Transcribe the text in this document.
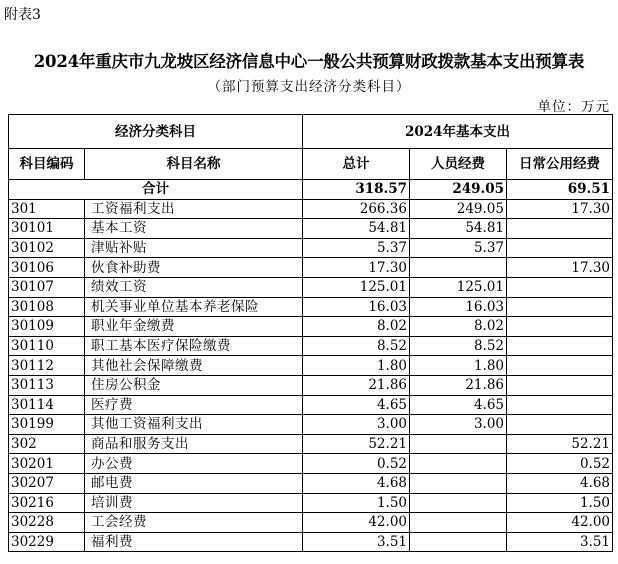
附表3
2024年重庆市九龙坡区经济信息中心一般公共预算财政拨款基本支出预算表
（部门预算支出经济分类科目）
单位：万元
经济分类科目		2024年基本支出		
科目编码	科目名称	总计	人员经费	日常公用经费
合计		318.57	249.05	69.51
301	工资福利支出	266.36	249.05	17.30
30101	基本工资	54.81	54.81	
30102	津贴补贴	5.37	5.37	
30106	伙食补助费	17.30		17.30
30107	绩效工资	125.01	125.01	
30108	机关事业单位基本养老保险	16.03	16.03	
30109	职业年金缴费	8.02	8.02	
30110	职工基本医疗保险缴费	8.52	8.52	
30112	其他社会保障缴费	1.80	1.80	
30113	住房公积金	21.86	21.86	
30114	医疗费	4.65	4.65	
30199	其他工资福利支出	3.00	3.00	
302	商品和服务支出	52.21		52.21
30201	办公费	0.52		0.52
30207	邮电费	4.68		4.68
30216	培训费	1.50		1.50
30228	工会经费	42.00		42.00
30229	福利费	3.51		3.51
